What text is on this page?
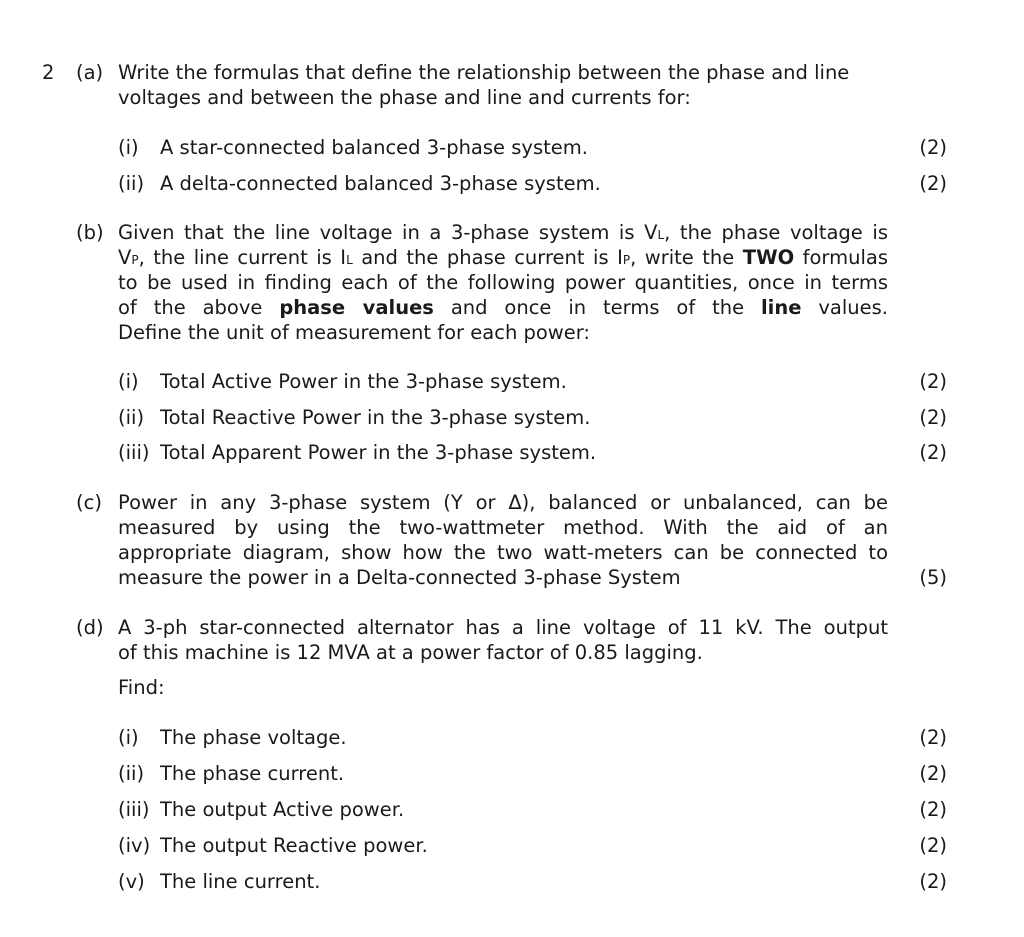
2 (a) Write the formulas that define the relationship between the phase and line
voltages and between the phase and line and currents for:
(i) A star-connected balanced 3-phase system.	(2)
(ii) A delta-connected balanced 3-phase system.	(2)
(b) Given that the line voltage in a 3-phase system is VL, the phase voltage is
VP, the line current is IL and the phase current is IP, write the TWO formulas
to be used in finding each of the following power quantities, once in terms
of the above phase values and once in terms of the line values.
Define the unit of measurement for each power:
(i) Total Active Power in the 3-phase system.	(2)
(ii) Total Reactive Power in the 3-phase system.	(2)
(iii) Total Apparent Power in the 3-phase system.	(2)
(c) Power in any 3-phase system (Y or Δ), balanced or unbalanced, can be
measured by using the two-wattmeter method. With the aid of an
appropriate diagram, show how the two watt-meters can be connected to
measure the power in a Delta-connected 3-phase System	(5)
(d) A 3-ph star-connected alternator has a line voltage of 11 kV. The output
of this machine is 12 MVA at a power factor of 0.85 lagging.
Find:
(i) The phase voltage.	(2)
(ii) The phase current.	(2)
(iii) The output Active power.	(2)
(iv) The output Reactive power.	(2)
(v) The line current.	(2)
